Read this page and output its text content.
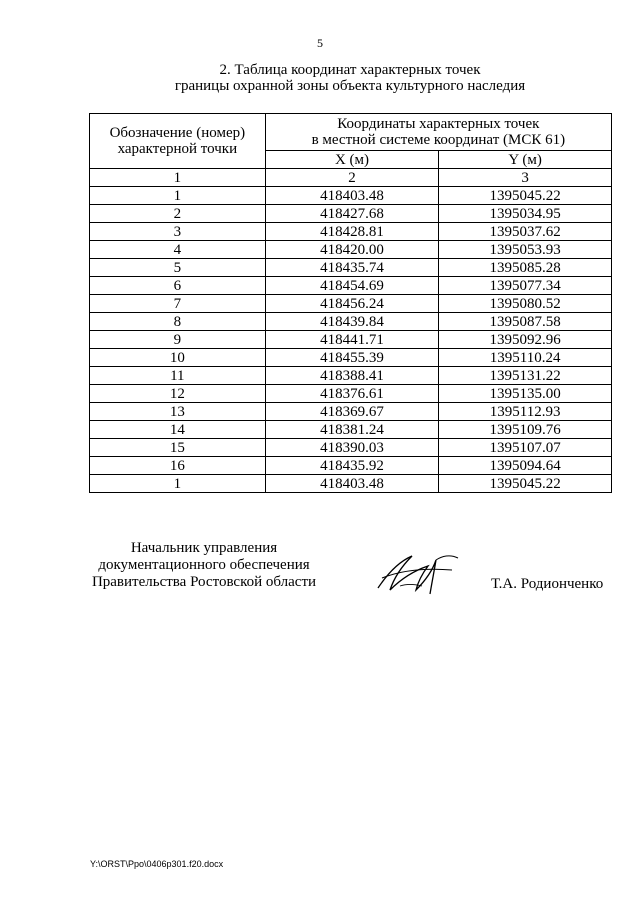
5
2. Таблица координат характерных точек
границы охранной зоны объекта культурного наследия
Обозначение (номер) характерной точки	Координаты характерных точек
в местной системе координат (МСК 61)	

	X (м)	Y (м)
1	2	3
1	418403.48	1395045.22
2	418427.68	1395034.95
3	418428.81	1395037.62
4	418420.00	1395053.93
5	418435.74	1395085.28
6	418454.69	1395077.34
7	418456.24	1395080.52
8	418439.84	1395087.58
9	418441.71	1395092.96
10	418455.39	1395110.24
11	418388.41	1395131.22
12	418376.61	1395135.00
13	418369.67	1395112.93
14	418381.24	1395109.76
15	418390.03	1395107.07
16	418435.92	1395094.64
1	418403.48	1395045.22
Начальник управления
документационного обеспечения
Правительства Ростовской области	Т.А. Родионченко
Y:\ORST\Ppo\0406p301.f20.docx
